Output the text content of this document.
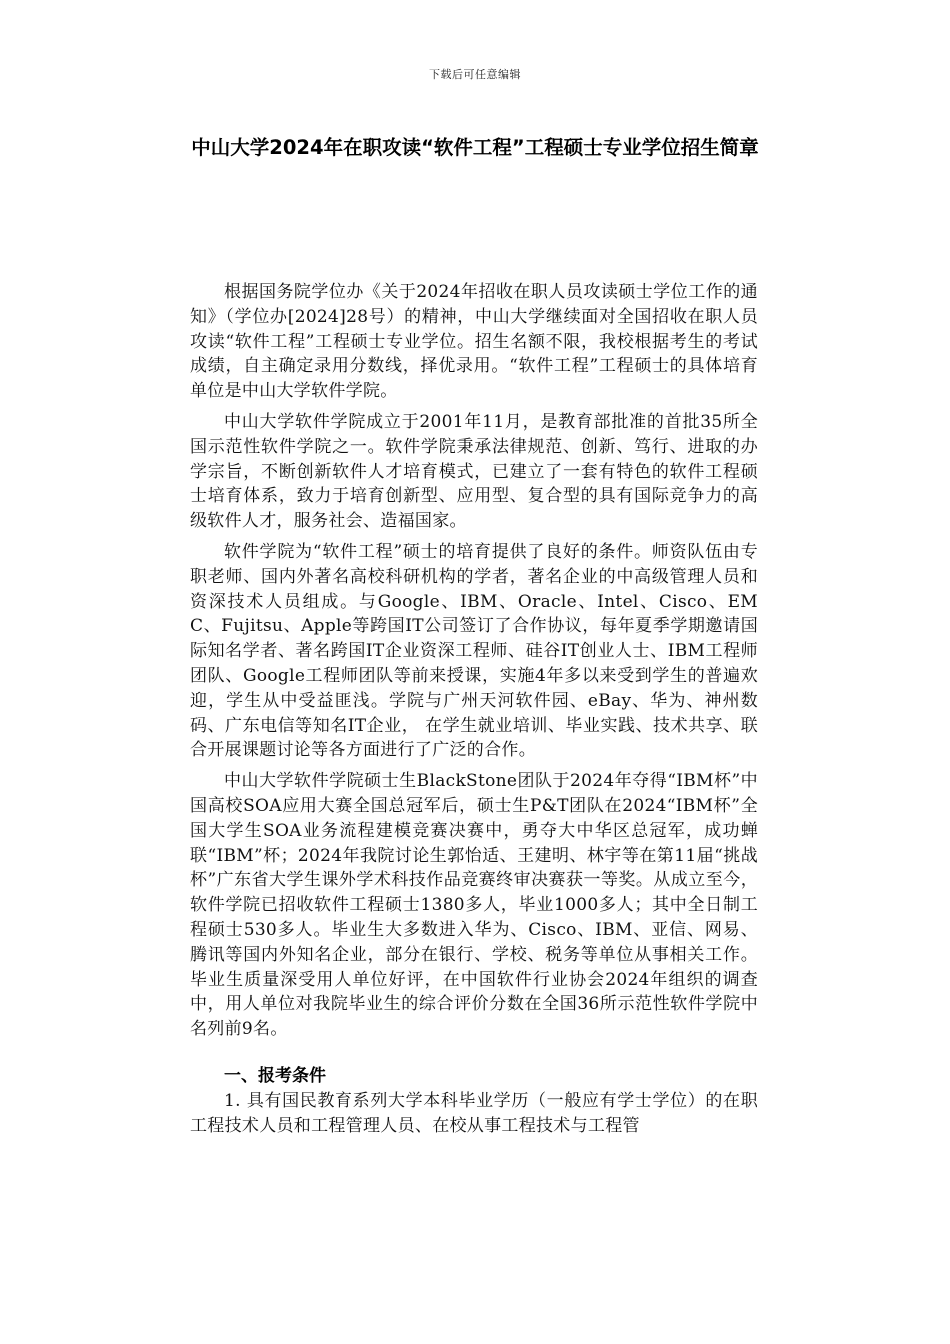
下载后可任意编辑
中山大学2024年在职攻读“软件工程”工程硕士专业学位招生简章

根据国务院学位办《关于2024年招收在职人员攻读硕士学位工作的通知》（学位办[2024]28号）的精神，中山大学继续面对全国招收在职人员攻读“软件工程”工程硕士专业学位。招生名额不限，我校根据考生的考试成绩，自主确定录用分数线，择优录用。“软件工程”工程硕士的具体培育单位是中山大学软件学院。

中山大学软件学院成立于2001年11月，是教育部批准的首批35所全国示范性软件学院之一。软件学院秉承法律规范、创新、笃行、进取的办学宗旨，不断创新软件人才培育模式，已建立了一套有特色的软件工程硕士培育体系，致力于培育创新型、应用型、复合型的具有国际竞争力的高级软件人才，服务社会、造福国家。

软件学院为“软件工程”硕士的培育提供了良好的条件。师资队伍由专职老师、国内外著名高校科研机构的学者，著名企业的中高级管理人员和资深技术人员组成。与Google、IBM、Oracle、Intel、Cisco、EMC、Fujitsu、Apple等跨国IT公司签订了合作协议，每年夏季学期邀请国际知名学者、著名跨国IT企业资深工程师、硅谷IT创业人士、IBM工程师团队、Google工程师团队等前来授课，实施4年多以来受到学生的普遍欢迎，学生从中受益匪浅。学院与广州天河软件园、eBay、华为、神州数码、广东电信等知名IT企业， 在学生就业培训、毕业实践、技术共享、联合开展课题讨论等各方面进行了广泛的合作。

中山大学软件学院硕士生BlackStone团队于2024年夺得“IBM杯”中国高校SOA应用大赛全国总冠军后，硕士生P&T团队在2024“IBM杯”全国大学生SOA业务流程建模竞赛决赛中，勇夺大中华区总冠军，成功蝉联“IBM”杯；2024年我院讨论生郭怡适、王建明、林宇等在第11届“挑战杯”广东省大学生课外学术科技作品竞赛终审决赛获一等奖。从成立至今，软件学院已招收软件工程硕士1380多人，毕业1000多人；其中全日制工程硕士530多人。毕业生大多数进入华为、Cisco、IBM、亚信、网易、腾讯等国内外知名企业，部分在银行、学校、税务等单位从事相关工作。毕业生质量深受用人单位好评，在中国软件行业协会2024年组织的调查中，用人单位对我院毕业生的综合评价分数在全国36所示范性软件学院中名列前9名。

一、报考条件

1. 具有国民教育系列大学本科毕业学历（一般应有学士学位）的在职工程技术人员和工程管理人员、在校从事工程技术与工程管
